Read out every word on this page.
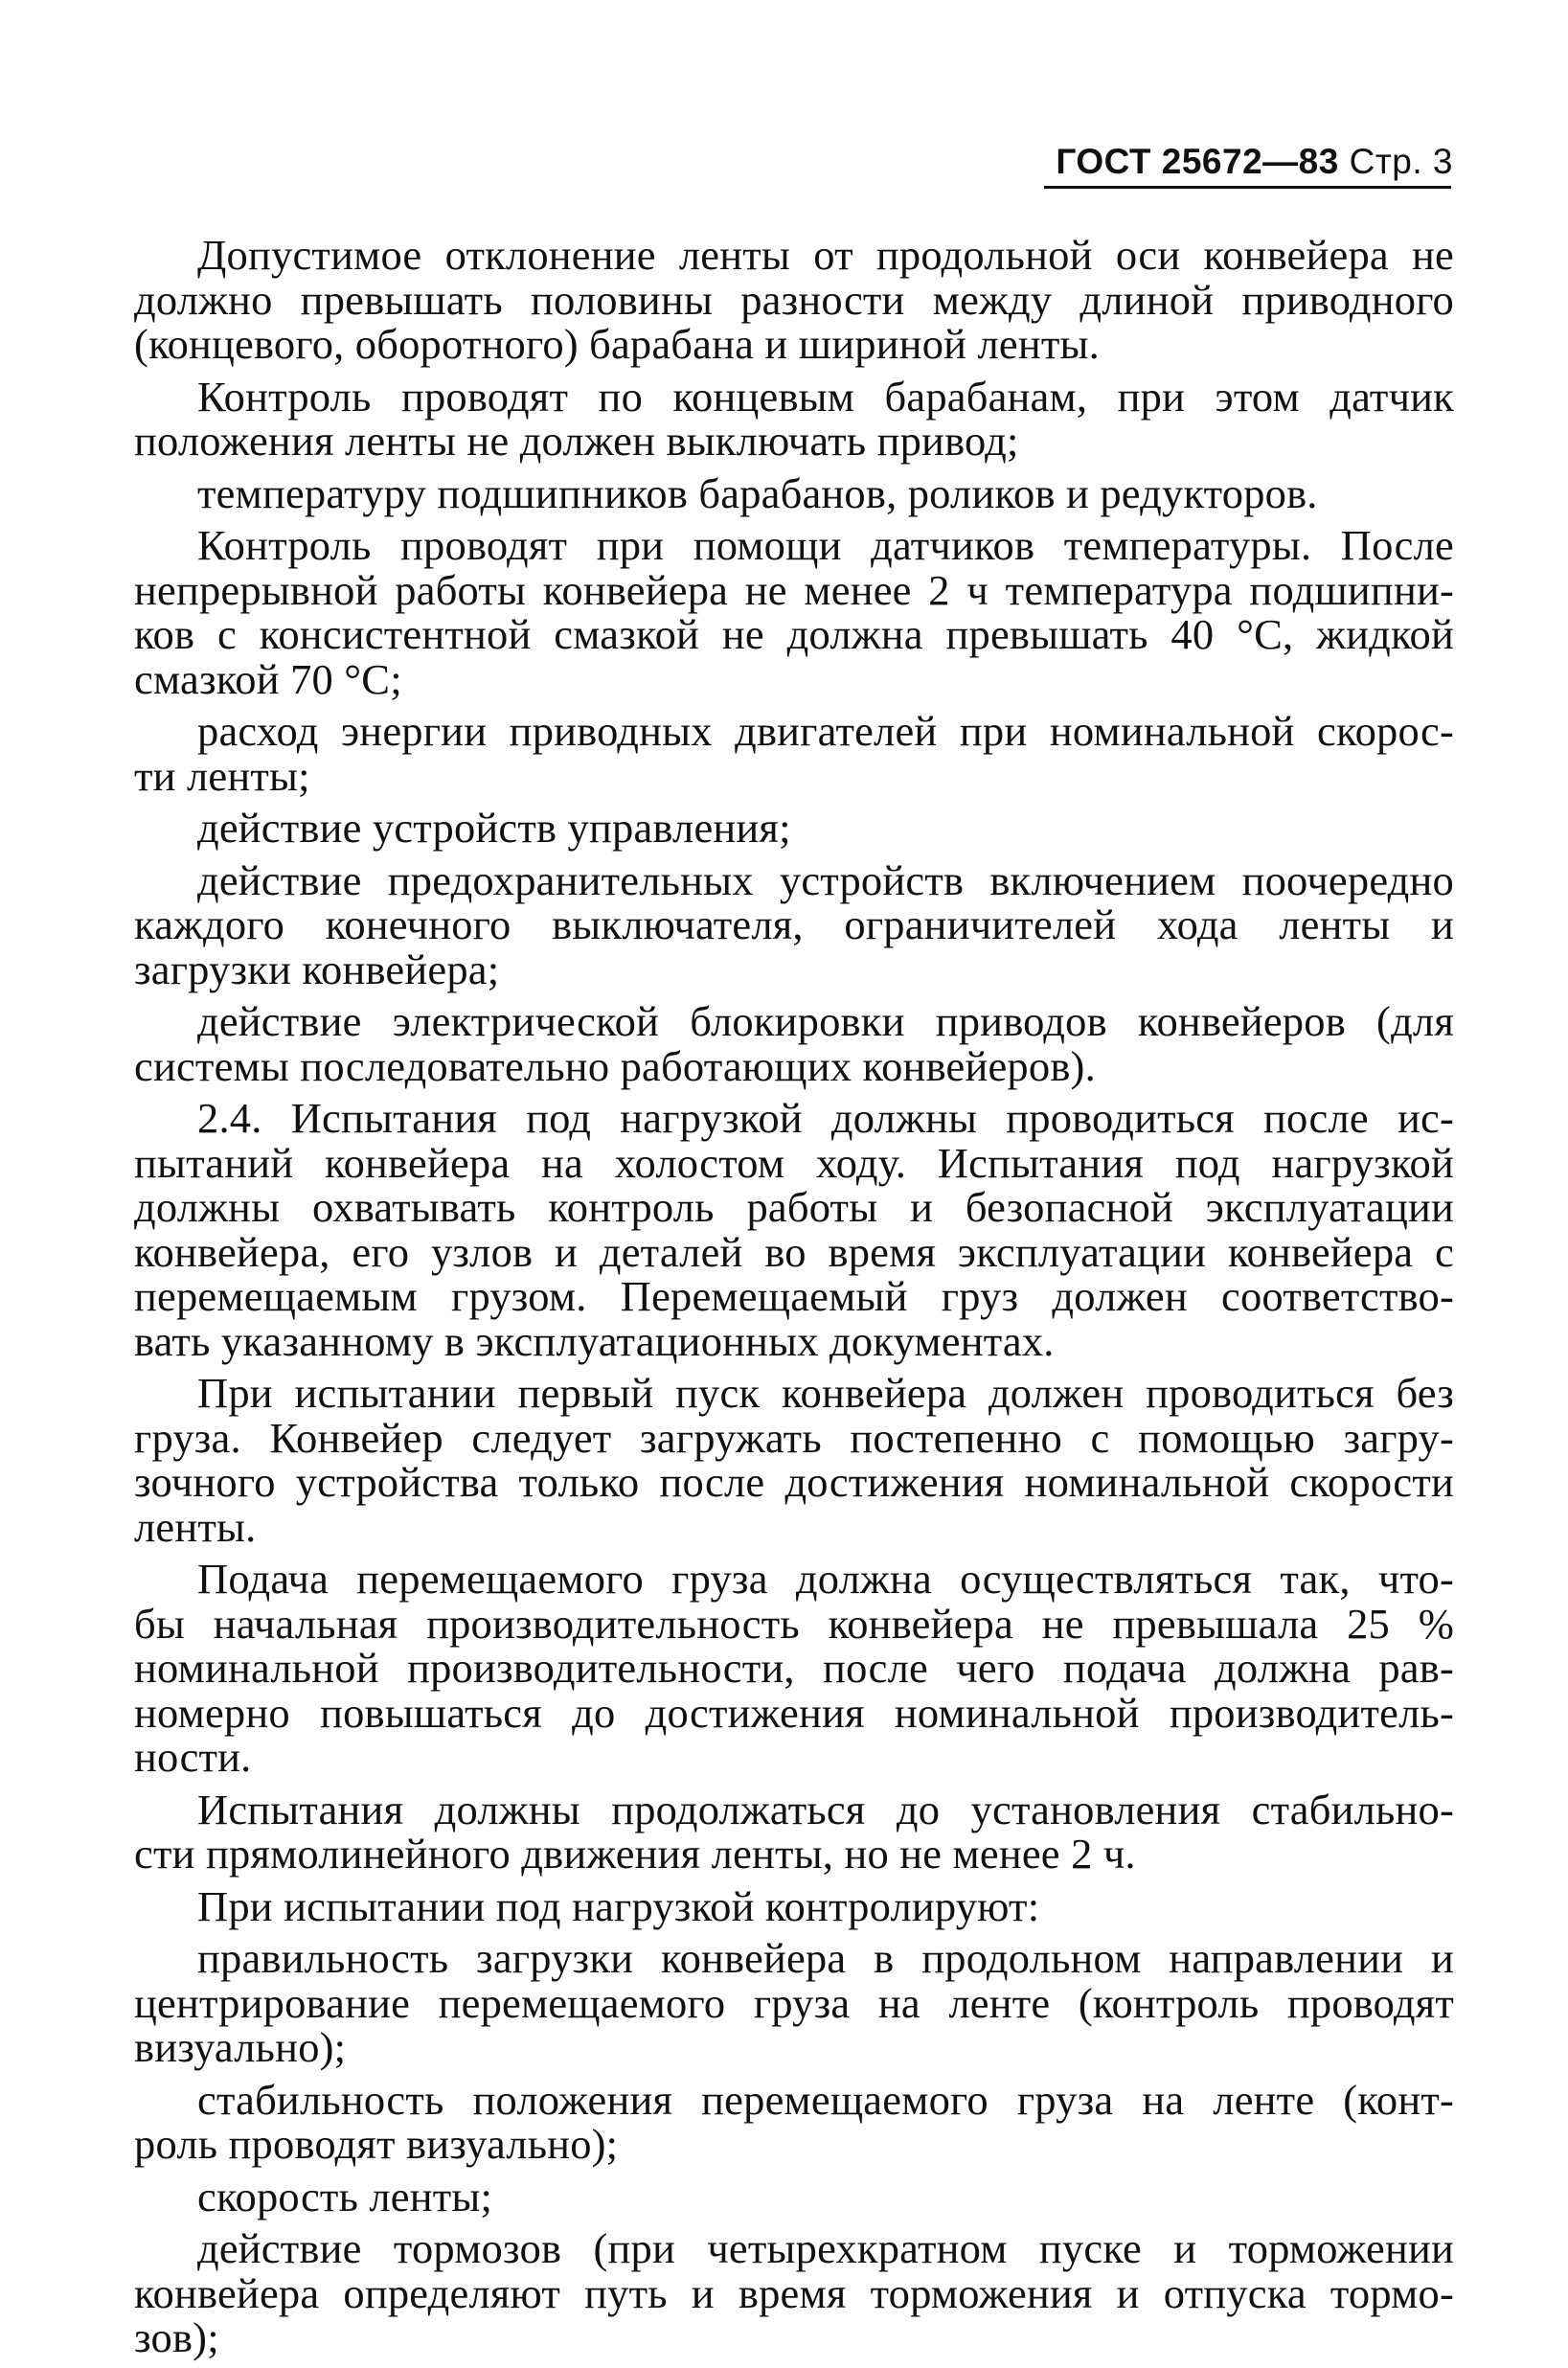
ГОСТ 25672—83 Стр. 3
Допустимое отклонение ленты от продольной оси конвейера не
должно превышать половины разности между длиной приводного
(концевого, оборотного) барабана и шириной ленты.
Контроль проводят по концевым барабанам, при этом датчик
положения ленты не должен выключать привод;
температуру подшипников барабанов, роликов и редукторов.
Контроль проводят при помощи датчиков температуры. После
непрерывной работы конвейера не менее 2 ч температура подшипни-
ков с консистентной смазкой не должна превышать 40 °С, жидкой
смазкой 70 °С;
расход энергии приводных двигателей при номинальной скорос-
ти ленты;
действие устройств управления;
действие предохранительных устройств включением поочередно
каждого конечного выключателя, ограничителей хода ленты и
загрузки конвейера;
действие электрической блокировки приводов конвейеров (для
системы последовательно работающих конвейеров).
2.4. Испытания под нагрузкой должны проводиться после ис-
пытаний конвейера на холостом ходу. Испытания под нагрузкой
должны охватывать контроль работы и безопасной эксплуатации
конвейера, его узлов и деталей во время эксплуатации конвейера с
перемещаемым грузом. Перемещаемый груз должен соответство-
вать указанному в эксплуатационных документах.
При испытании первый пуск конвейера должен проводиться без
груза. Конвейер следует загружать постепенно с помощью загру-
зочного устройства только после достижения номинальной скорости
ленты.
Подача перемещаемого груза должна осуществляться так, что-
бы начальная производительность конвейера не превышала 25 %
номинальной производительности, после чего подача должна рав-
номерно повышаться до достижения номинальной производитель-
ности.
Испытания должны продолжаться до установления стабильно-
сти прямолинейного движения ленты, но не менее 2 ч.
При испытании под нагрузкой контролируют:
правильность загрузки конвейера в продольном направлении и
центрирование перемещаемого груза на ленте (контроль проводят
визуально);
стабильность положения перемещаемого груза на ленте (конт-
роль проводят визуально);
скорость ленты;
действие тормозов (при четырехкратном пуске и торможении
конвейера определяют путь и время торможения и отпуска тормо-
зов);
